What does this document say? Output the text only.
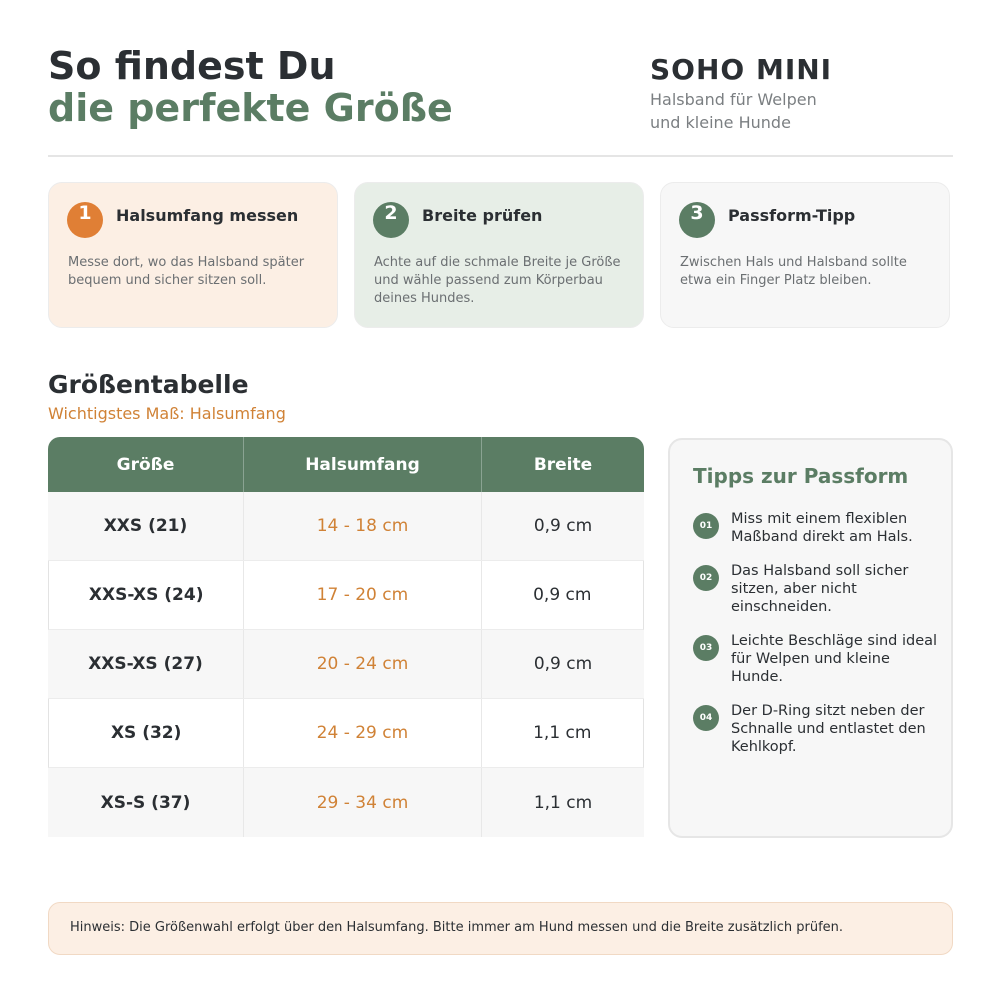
So findest Du
die perfekte Größe
SOHO MINI
Halsband für Welpen
und kleine Hunde
1	Halsumfang messen
Messe dort, wo das Halsband später bequem und sicher sitzen soll.
2	Breite prüfen
Achte auf die schmale Breite je Größe und wähle passend zum Körperbau deines Hundes.
3	Passform-Tipp
Zwischen Hals und Halsband sollte etwa ein Finger Platz bleiben.
Größentabelle
Wichtigstes Maß: Halsumfang
Größe	Halsumfang	Breite
XXS (21)	14 - 18 cm	0,9 cm
XXS-XS (24)	17 - 20 cm	0,9 cm
XXS-XS (27)	20 - 24 cm	0,9 cm
XS (32)	24 - 29 cm	1,1 cm
XS-S (37)	29 - 34 cm	1,1 cm
Tipps zur Passform
01	Miss mit einem flexiblen Maßband direkt am Hals.
02	Das Halsband soll sicher sitzen, aber nicht einschneiden.
03	Leichte Beschläge sind ideal für Welpen und kleine Hunde.
04	Der D-Ring sitzt neben der Schnalle und entlastet den Kehlkopf.
Hinweis: Die Größenwahl erfolgt über den Halsumfang. Bitte immer am Hund messen und die Breite zusätzlich prüfen.
